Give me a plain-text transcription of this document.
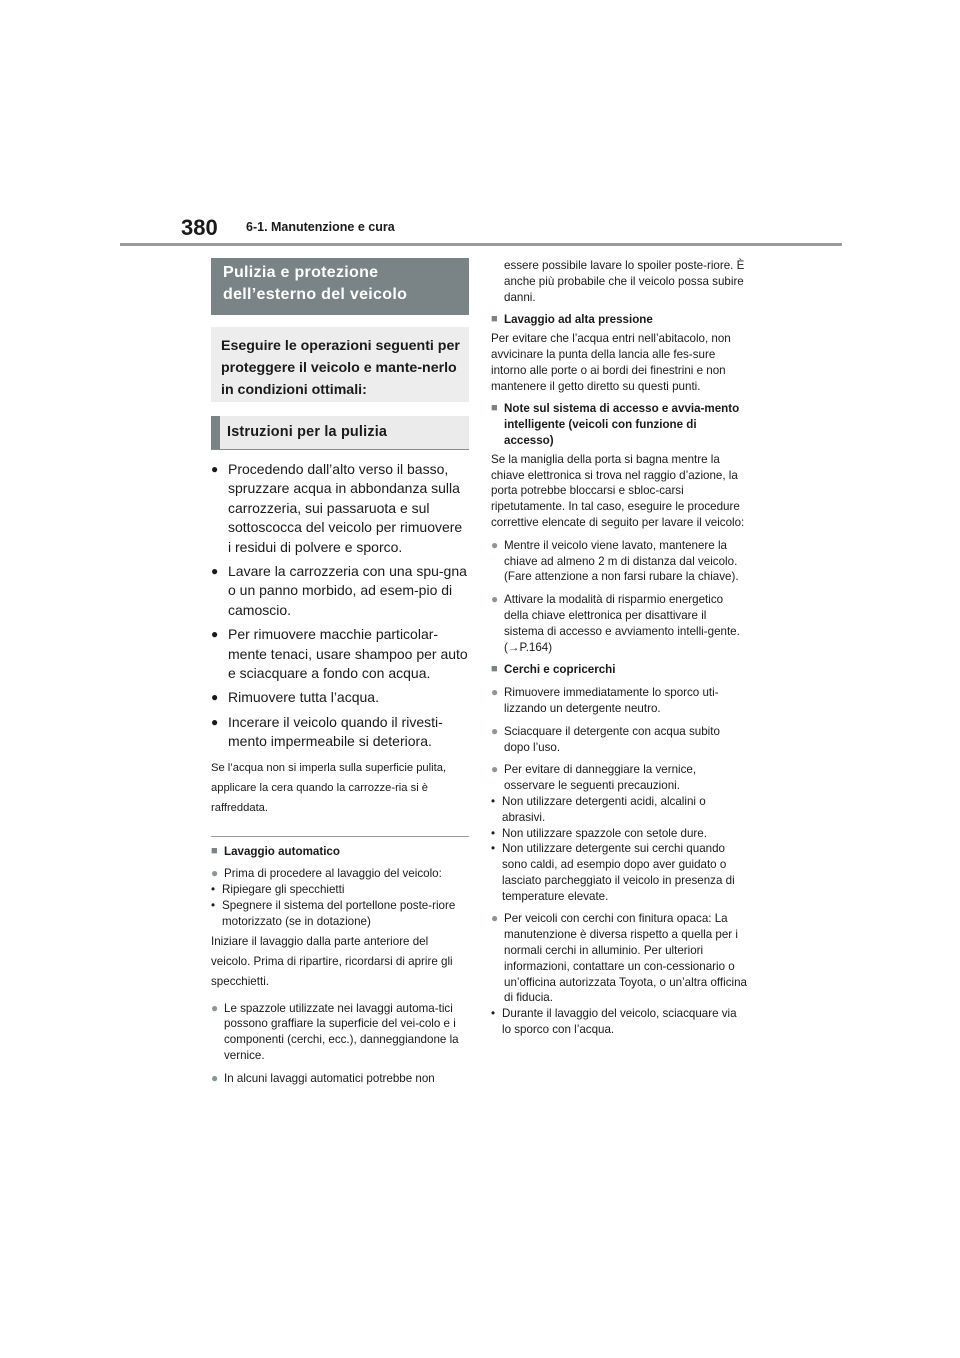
380 6-1. Manutenzione e cura
Pulizia e protezione dell’esterno del veicolo
Eseguire le operazioni seguenti per proteggere il veicolo e mante-nerlo in condizioni ottimali:
Istruzioni per la pulizia
● Procedendo dall’alto verso il basso, spruzzare acqua in abbondanza sulla carrozzeria, sui passaruota e sul sottoscocca del veicolo per rimuovere i residui di polvere e sporco.
● Lavare la carrozzeria con una spu-gna o un panno morbido, ad esem-pio di camoscio.
● Per rimuovere macchie particolar-mente tenaci, usare shampoo per auto e sciacquare a fondo con acqua.
● Rimuovere tutta l’acqua.
● Incerare il veicolo quando il rivesti-mento impermeabile si deteriora.
Se l’acqua non si imperla sulla superficie pulita, applicare la cera quando la carrozze-ria si è raffreddata.
■ Lavaggio automatico
● Prima di procedere al lavaggio del veicolo:
• Ripiegare gli specchietti
• Spegnere il sistema del portellone poste-riore motorizzato (se in dotazione)
Iniziare il lavaggio dalla parte anteriore del veicolo. Prima di ripartire, ricordarsi di aprire gli specchietti.
● Le spazzole utilizzate nei lavaggi automa-tici possono graffiare la superficie del vei-colo e i componenti (cerchi, ecc.), danneggiandone la vernice.
● In alcuni lavaggi automatici potrebbe non
essere possibile lavare lo spoiler poste-riore. È anche più probabile che il veicolo possa subire danni.
■ Lavaggio ad alta pressione
Per evitare che l’acqua entri nell’abitacolo, non avvicinare la punta della lancia alle fes-sure intorno alle porte o ai bordi dei finestrini e non mantenere il getto diretto su questi punti.
■ Note sul sistema di accesso e avvia-mento intelligente (veicoli con funzione di accesso)
Se la maniglia della porta si bagna mentre la chiave elettronica si trova nel raggio d’azione, la porta potrebbe bloccarsi e sbloc-carsi ripetutamente. In tal caso, eseguire le procedure correttive elencate di seguito per lavare il veicolo:
● Mentre il veicolo viene lavato, mantenere la chiave ad almeno 2 m di distanza dal veicolo. (Fare attenzione a non farsi rubare la chiave).
● Attivare la modalità di risparmio energetico della chiave elettronica per disattivare il sistema di accesso e avviamento intelli-gente. (→P.164)
■ Cerchi e copricerchi
● Rimuovere immediatamente lo sporco uti-lizzando un detergente neutro.
● Sciacquare il detergente con acqua subito dopo l’uso.
● Per evitare di danneggiare la vernice, osservare le seguenti precauzioni.
• Non utilizzare detergenti acidi, alcalini o abrasivi.
• Non utilizzare spazzole con setole dure.
• Non utilizzare detergente sui cerchi quando sono caldi, ad esempio dopo aver guidato o lasciato parcheggiato il veicolo in presenza di temperature elevate.
● Per veicoli con cerchi con finitura opaca: La manutenzione è diversa rispetto a quella per i normali cerchi in alluminio. Per ulteriori informazioni, contattare un con-cessionario o un’officina autorizzata Toyota, o un’altra officina di fiducia.
• Durante il lavaggio del veicolo, sciacquare via lo sporco con l’acqua.
